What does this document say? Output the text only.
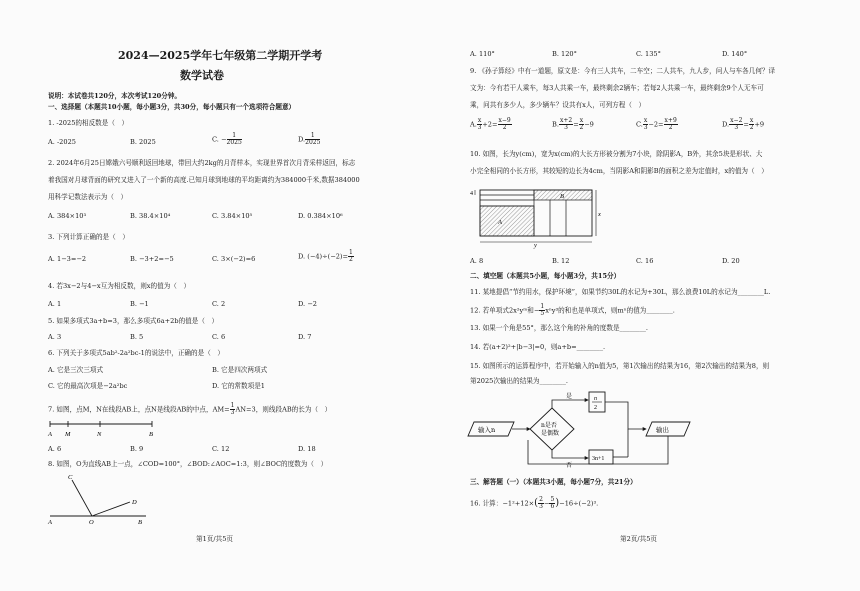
2024—2025学年七年级第二学期开学考
数学试卷
说明：本试卷共120分，本次考试120分钟。
一、选择题（本题共10小题，每小题3分，共30分，每小题只有一个选项符合题意）
1. -2025的相反数是（　）
A. -2025	B. 2025	C. − $\frac{1}{2025}$	D. $\frac{1}{2025}$
2. 2024年6月25日嫦娥六号顺利返回地球，带回大约2kg的月背样本，实现世界首次月背采样返回，标志
着我国对月球背面的研究又进入了一个新的高度.已知月球到地球的平均距离约为384000千米,数据384000
用科学记数法表示为（　）
A. 384×10³	B. 38.4×10⁴	C. 3.84×10⁵	D. 0.384×10⁶
3. 下列计算正确的是（　）
A. 1−3=−2	B. −3+2=−5	C. 3×(−2)=6	D. $(-4)\div(-2)= \frac{1}{2}$
4. 若3x−2与4−x互为相反数，则x的值为（　）
A. 1	B. −1	C. 2	D. −2
5. 如果多项式3a+b=3，那么多项式6a+2b的值是（　）
A. 3	B. 5	C. 6	D. 7
6. 下列关于多项式5ab²-2a²bc-1的说法中，正确的是（　）
A. 它是三次三项式	B. 它是四次两项式
C. 它的最高次项是−2a²bc	D. 它的常数项是1
7. 如图，点M，N在线段AB上，点N是线段AB的中点，$AM= \frac{1}{3} AN=3$，则线段AB的长为（　）
A M	N	B
A. 6	B. 9	C. 12	D. 18
8. 如图，O为直线AB上一点，∠COD=100°，∠BOD:∠AOC=1:3，则∠BOC的度数为（　）
C
D
A	O	B
第1页/共5页
A. 110°	B. 120°	C. 135°	D. 140°
9. 《孙子算经》中有一道题，原文是：今有三人共车，二车空；二人共车，九人步，问人与车各几何？译
文为：今有若干人乘车，每3人共乘一车，最终剩余2辆车；若每2人共乘一车，最终剩余9个人无车可
乘，问共有多少人，多少辆车？设共有x人，可列方程（　）
A. $\frac{x}{3} +2= \frac{x-9}{2}$	B. $\frac{x+2}{3} = \frac{x}{2} -9$	C. $\frac{x}{3} -2= \frac{x+9}{2}$	D. $\frac{x-2}{3} = \frac{x}{2} +9$
10. 如图，长为y(cm)，宽为x(cm)的大长方形被分割为7小块，除阴影A，B外，其余5块是形状、大
小完全相同的小长方形，其较短的边长为4cm，当阴影A和阴影B的面积之差为定值时，x的值为（　）
4
A
B
x
y
A. 8	B. 12	C. 16	D. 20
二、填空题（本题共5小题，每小题3分，共15分）
11. 某地提倡“节约用水，保护环境”，如果节约30L的水记为+30L，那么浪费10L的水记为________L.
12. 若单项式2x²yᵐ和− $\frac{1}{5} x^ny^3$的和也是单项式，则mⁿ的值为________.
13. 如果一个角是55°，那么这个角的补角的度数是________.
14. 若(a+2)²+|b−3|=0，则a+b=________.
15. 如图所示的运算程序中，若开始输入的n值为5，第1次输出的结果为16，第2次输出的结果为8，则
第2025次输出的结果为________.
输入n
n是否
是偶数
是	n
2
否
3n+1
输出
三、解答题（一）（本题共3小题，每小题7分，共21分）
16. 计算：$-1^2+12\times( \frac{2}{3} - \frac{5}{6} )-16\div(-2)^3$.
第2页/共5页
